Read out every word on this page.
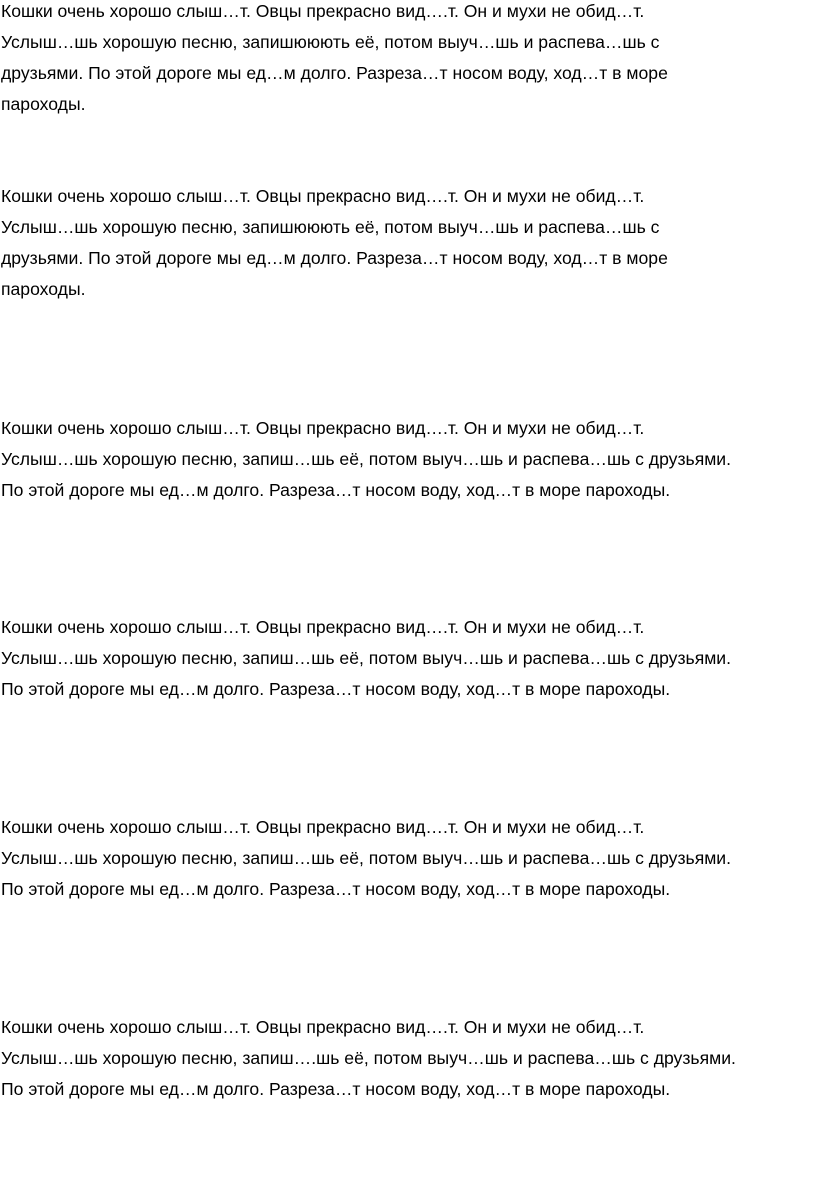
Кошки очень хорошо слыш…т. Овцы прекрасно вид….т. Он и мухи не обид…т.
Услыш…шь хорошую песню, запишююють её, потом выуч…шь и распева…шь с
друзьями. По этой дороге мы ед…м долго. Разреза…т носом воду, ход…т в море
пароходы.

Кошки очень хорошо слыш…т. Овцы прекрасно вид….т. Он и мухи не обид…т.
Услыш…шь хорошую песню, запишююють её, потом выуч…шь и распева…шь с
друзьями. По этой дороге мы ед…м долго. Разреза…т носом воду, ход…т в море
пароходы.

Кошки очень хорошо слыш…т. Овцы прекрасно вид….т. Он и мухи не обид…т.
Услыш…шь хорошую песню, запиш…шь её, потом выуч…шь и распева…шь с друзьями.
По этой дороге мы ед…м долго. Разреза…т носом воду, ход…т в море пароходы.

Кошки очень хорошо слыш…т. Овцы прекрасно вид….т. Он и мухи не обид…т.
Услыш…шь хорошую песню, запиш…шь её, потом выуч…шь и распева…шь с друзьями.
По этой дороге мы ед…м долго. Разреза…т носом воду, ход…т в море пароходы.

Кошки очень хорошо слыш…т. Овцы прекрасно вид….т. Он и мухи не обид…т.
Услыш…шь хорошую песню, запиш…шь её, потом выуч…шь и распева…шь с друзьями.
По этой дороге мы ед…м долго. Разреза…т носом воду, ход…т в море пароходы.

Кошки очень хорошо слыш…т. Овцы прекрасно вид….т. Он и мухи не обид…т.
Услыш…шь хорошую песню, запиш….шь её, потом выуч…шь и распева…шь с друзьями.
По этой дороге мы ед…м долго. Разреза…т носом воду, ход…т в море пароходы.
